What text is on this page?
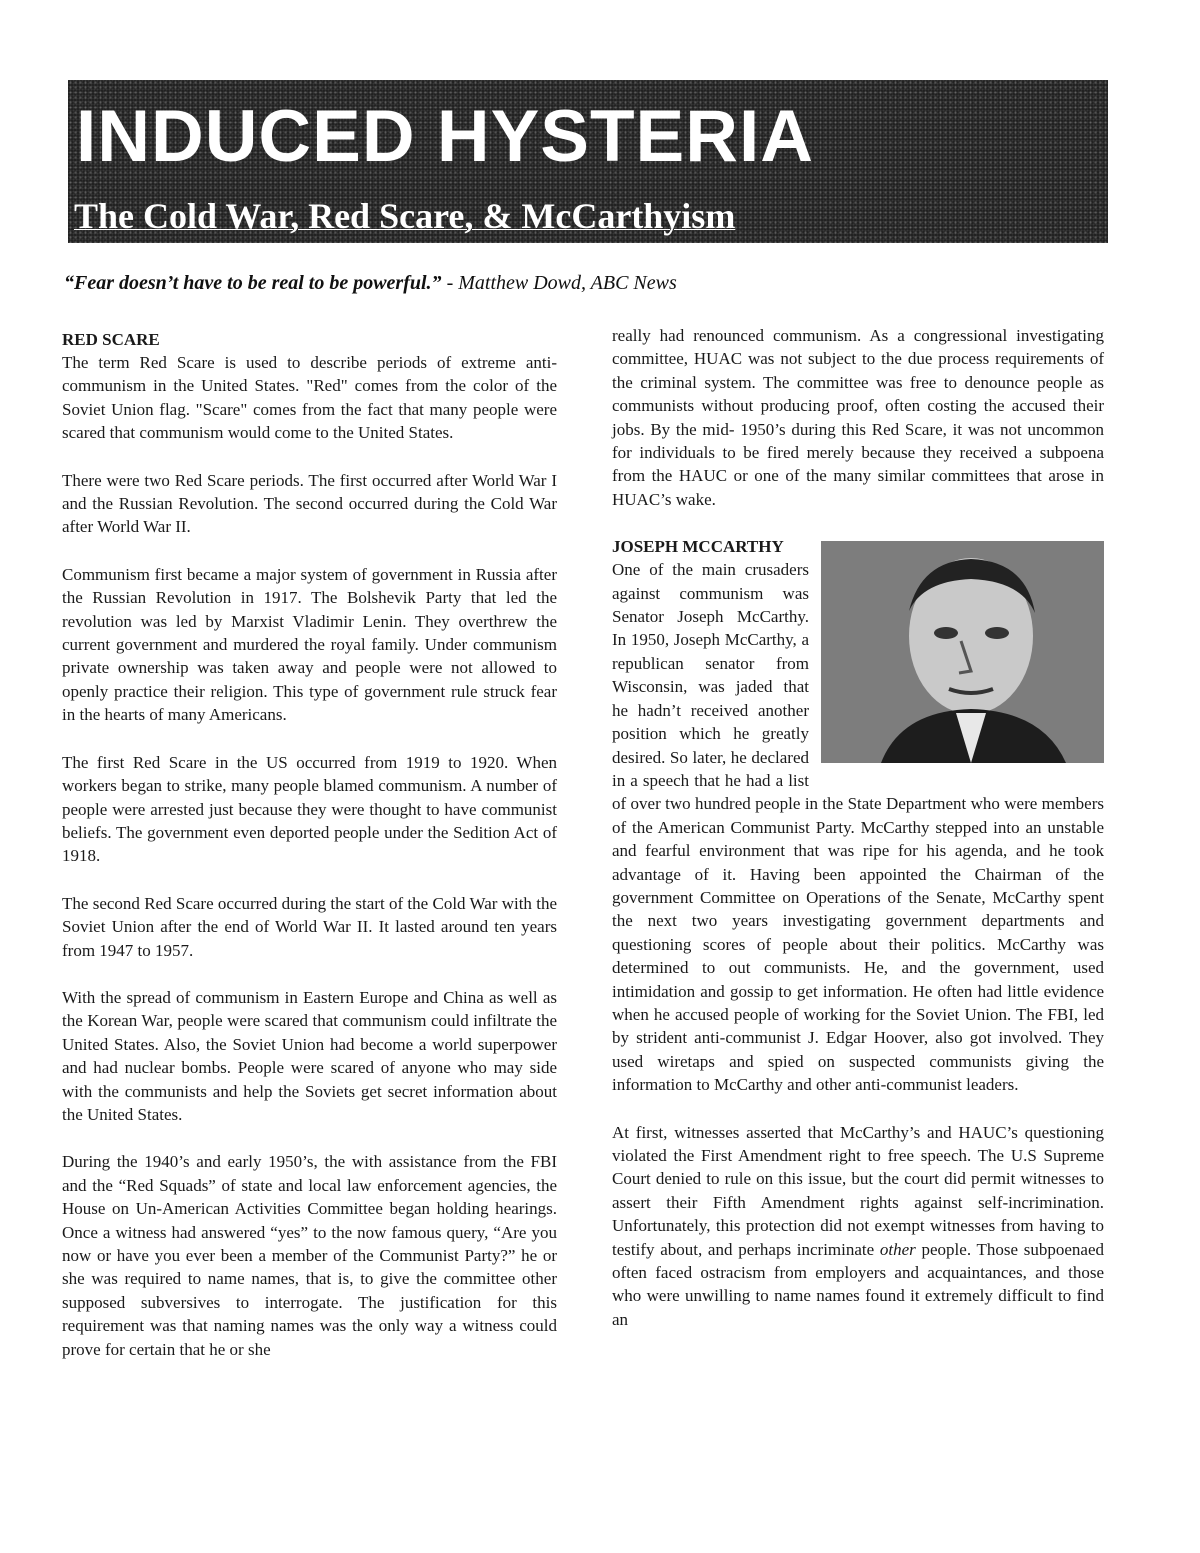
INDUCED HYSTERIA
The Cold War, Red Scare, & McCarthyism
“Fear doesn’t have to be real to be powerful.” - Matthew Dowd, ABC News
RED SCARE

The term Red Scare is used to describe periods of extreme anti-communism in the United States. "Red" comes from the color of the Soviet Union flag. "Scare" comes from the fact that many people were scared that communism would come to the United States.

There were two Red Scare periods. The first occurred after World War I and the Russian Revolution. The second occurred during the Cold War after World War II.

Communism first became a major system of government in Russia after the Russian Revolution in 1917. The Bolshevik Party that led the revolution was led by Marxist Vladimir Lenin. They overthrew the current government and murdered the royal family. Under communism private ownership was taken away and people were not allowed to openly practice their religion. This type of government rule struck fear in the hearts of many Americans.

The first Red Scare in the US occurred from 1919 to 1920. When workers began to strike, many people blamed communism. A number of people were arrested just because they were thought to have communist beliefs. The government even deported people under the Sedition Act of 1918.

The second Red Scare occurred during the start of the Cold War with the Soviet Union after the end of World War II. It lasted around ten years from 1947 to 1957.

With the spread of communism in Eastern Europe and China as well as the Korean War, people were scared that communism could infiltrate the United States. Also, the Soviet Union had become a world superpower and had nuclear bombs. People were scared of anyone who may side with the communists and help the Soviets get secret information about the United States.

During the 1940’s and early 1950’s, the with assistance from the FBI and the “Red Squads” of state and local law enforcement agencies, the House on Un-American Activities Committee began holding hearings. Once a witness had answered “yes” to the now famous query, “Are you now or have you ever been a member of the Communist Party?” he or she was required to name names, that is, to give the committee other supposed subversives to interrogate. The justification for this requirement was that naming names was the only way a witness could prove for certain that he or she

really had renounced communism. As a congressional investigating committee, HUAC was not subject to the due process requirements of the criminal system. The committee was free to denounce people as communists without producing proof, often costing the accused their jobs. By the mid- 1950’s during this Red Scare, it was not uncommon for individuals to be fired merely because they received a subpoena from the HAUC or one of the many similar committees that arose in HUAC’s wake.

JOSEPH MCCARTHY

One of the main crusaders against communism was Senator Joseph McCarthy. In 1950, Joseph McCarthy, a republican senator from Wisconsin, was jaded that he hadn’t received another position which he greatly desired. So later, he declared in a speech that he had a list of over two hundred people in the State Department who were members of the American Communist Party. McCarthy stepped into an unstable and fearful environment that was ripe for his agenda, and he took advantage of it. Having been appointed the Chairman of the government Committee on Operations of the Senate, McCarthy spent the next two years investigating government departments and questioning scores of people about their politics. McCarthy was determined to out communists. He, and the government, used intimidation and gossip to get information. He often had little evidence when he accused people of working for the Soviet Union. The FBI, led by strident anti-communist J. Edgar Hoover, also got involved. They used wiretaps and spied on suspected communists giving the information to McCarthy and other anti-communist leaders.

At first, witnesses asserted that McCarthy’s and HAUC’s questioning violated the First Amendment right to free speech. The U.S Supreme Court denied to rule on this issue, but the court did permit witnesses to assert their Fifth Amendment rights against self-incrimination. Unfortunately, this protection did not exempt witnesses from having to testify about, and perhaps incriminate other people. Those subpoenaed often faced ostracism from employers and acquaintances, and those who were unwilling to name names found it extremely difficult to find an
